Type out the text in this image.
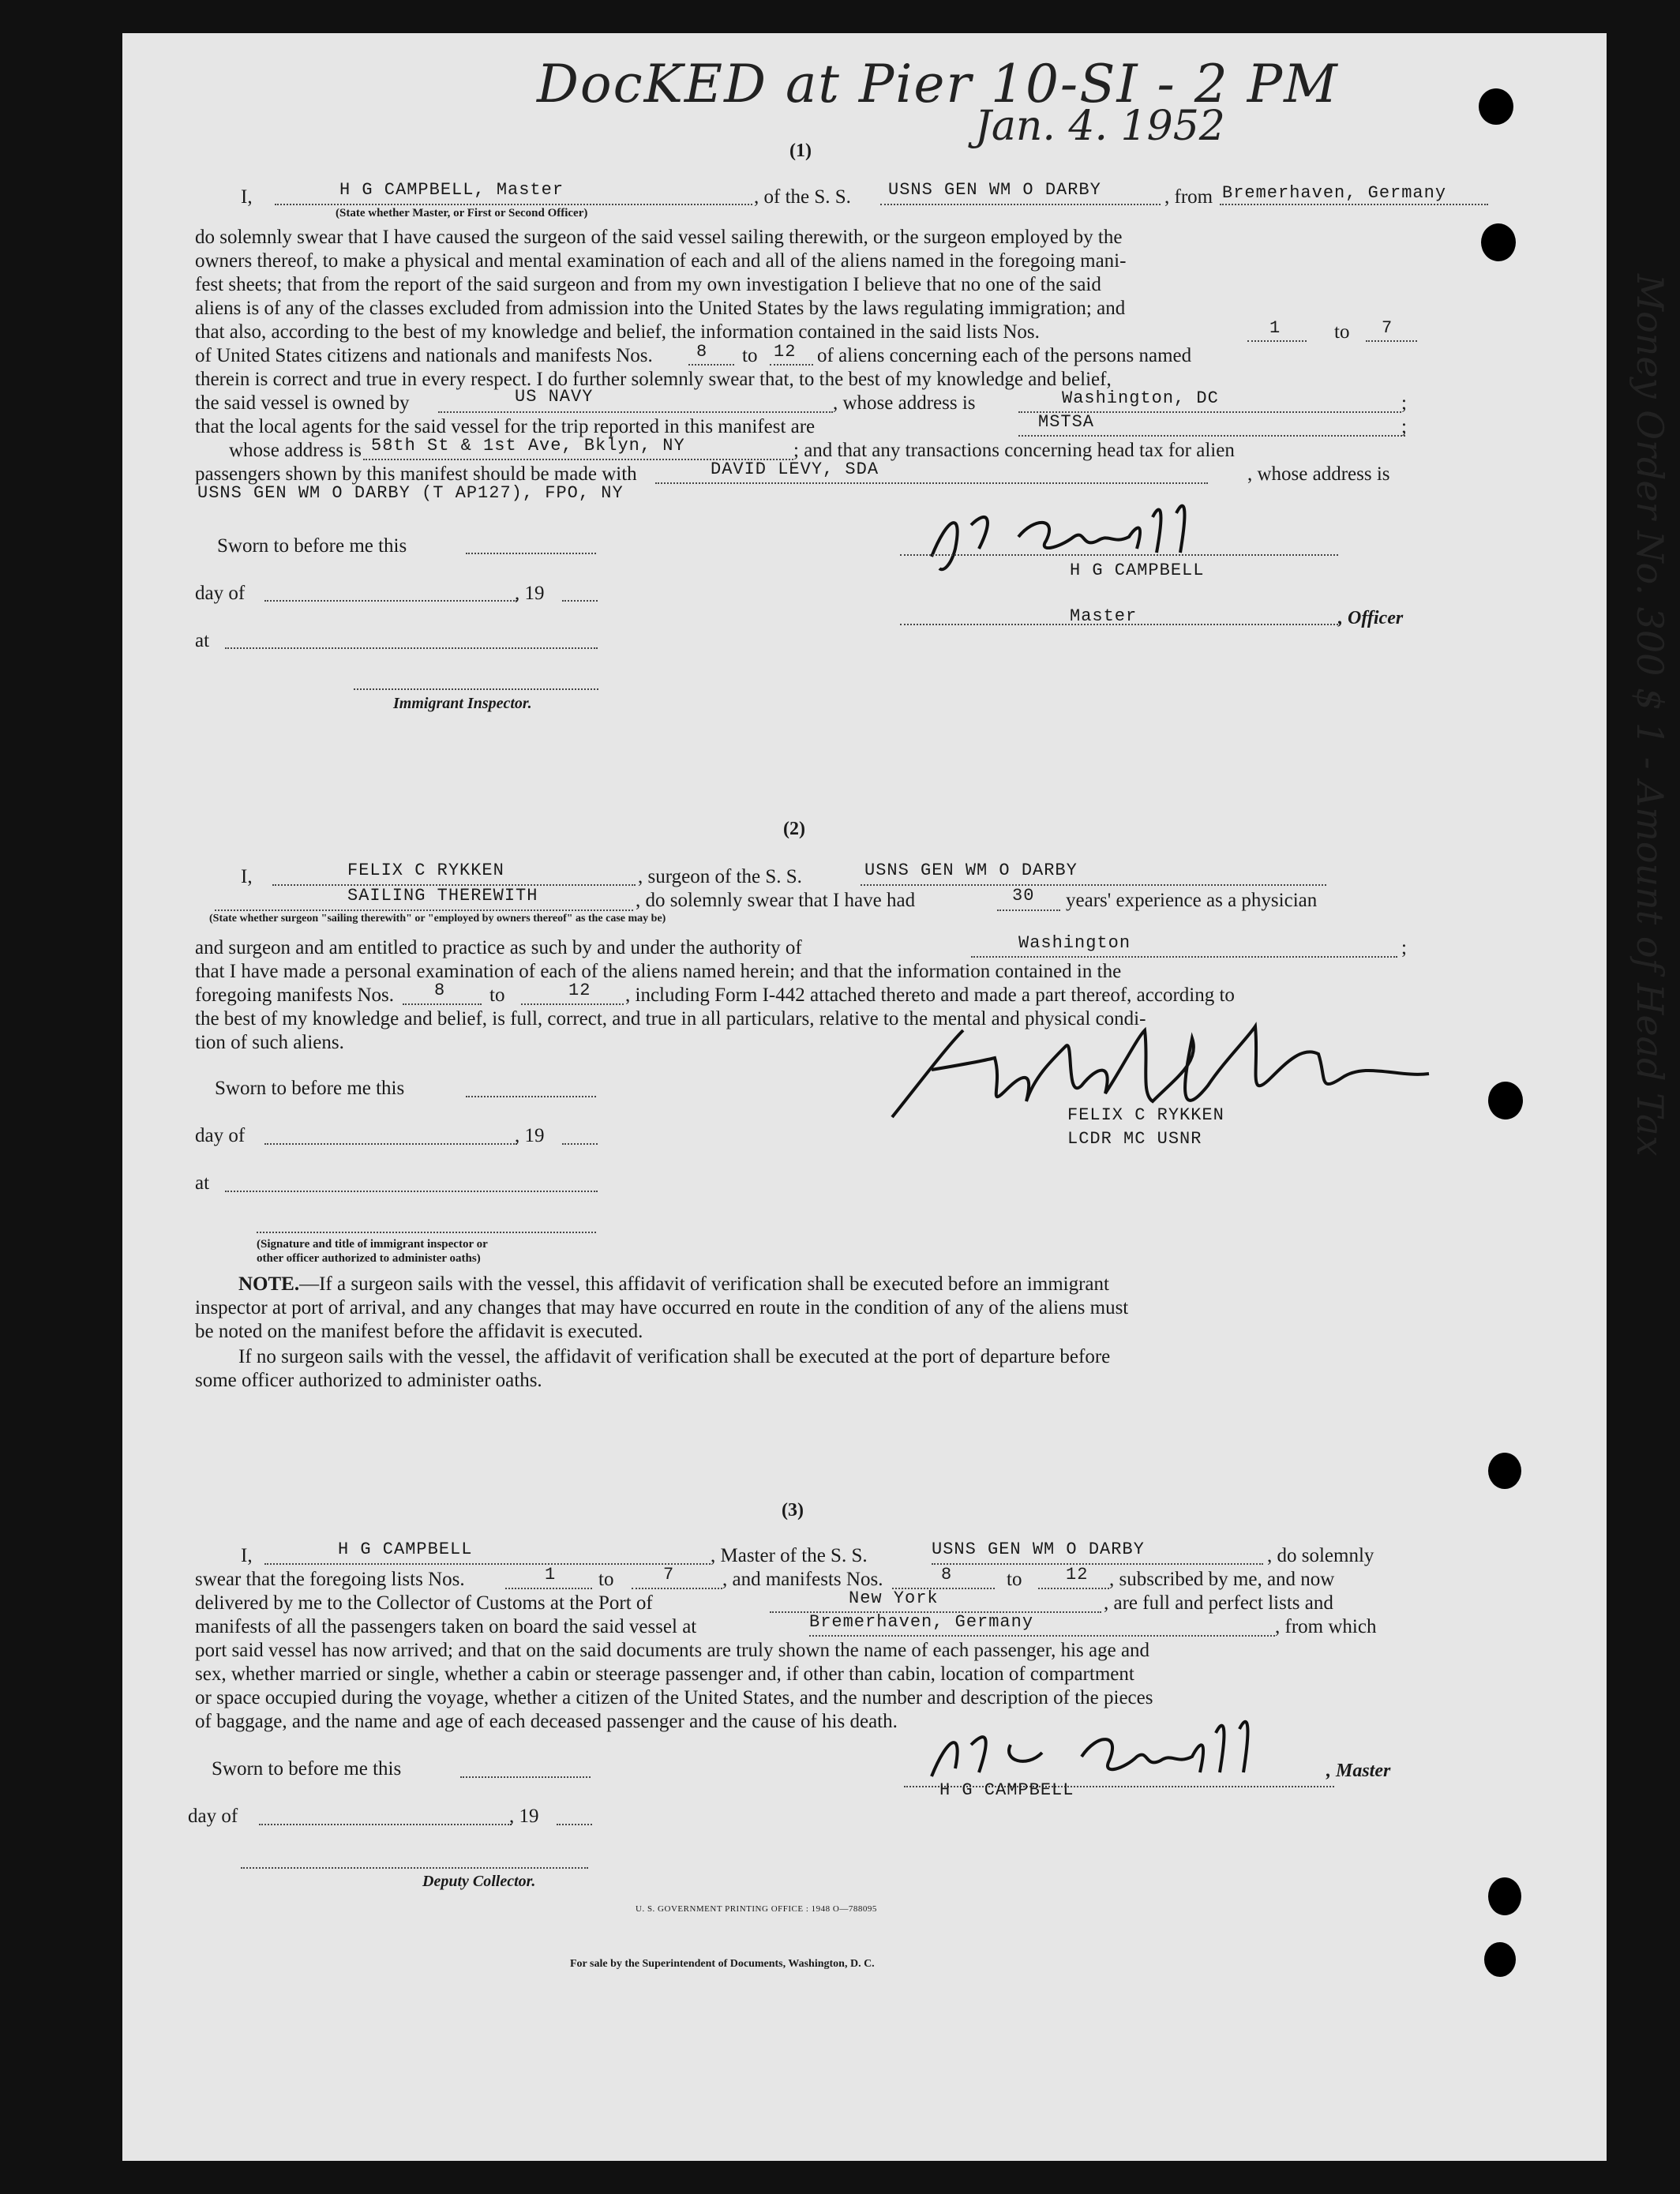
DocKED at Pier 10-SI - 2 PM
Jan. 4. 1952
Money Order No. 300 $ 1 - Amount of Head Tax
(1)
I,	H G CAMPBELL, Master
(State whether Master, or First or Second Officer)
, of the S. S. USNS GEN WM O DARBY	, from Bremerhaven, Germany
do solemnly swear that I have caused the surgeon of the said vessel sailing therewith, or the surgeon employed by the
owners thereof, to make a physical and mental examination of each and all of the aliens named in the foregoing mani-
fest sheets; that from the report of the said surgeon and from my own investigation I believe that no one of the said
aliens is of any of the classes excluded from admission into the United States by the laws regulating immigration; and
that also, according to the best of my knowledge and belief, the information contained in the said lists Nos.	1	to 7
of United States citizens and nationals and manifests Nos.	8 to 12 of aliens concerning each of the persons named
therein is correct and true in every respect. I do further solemnly swear that, to the best of my knowledge and belief,
the said vessel is owned by	US NAVY	, whose address is	Washington, DC	;
that the local agents for the said vessel for the trip reported in this manifest are	MSTSA	;
whose address is 58th St & 1st Ave, Bklyn, NY	; and that any transactions concerning head tax for alien
passengers shown by this manifest should be made with	DAVID LEVY, SDA	, whose address is
USNS GEN WM O DARBY (T AP127), FPO, NY
Sworn to before me this
day of	, 19
at
Immigrant Inspector.
H G CAMPBELL
Master	, Officer
(2)
I,	FELIX C RYKKEN	, surgeon of the S. S.	USNS GEN WM O DARBY
SAILING THEREWITH	, do solemnly swear that I have had	30 years' experience as a physician
(State whether surgeon "sailing therewith" or "employed by owners thereof" as the case may be)
and surgeon and am entitled to practice as such by and under the authority of	Washington	;
that I have made a personal examination of each of the aliens named herein; and that the information contained in the
foregoing manifests Nos. 8 to	12 , including Form I-442 attached thereto and made a part thereof, according to
the best of my knowledge and belief, is full, correct, and true in all particulars, relative to the mental and physical condi-
tion of such aliens.
Sworn to before me this
day of	, 19
at
(Signature and title of immigrant inspector or
other officer authorized to administer oaths)
FELIX C RYKKEN
LCDR MC USNR
NOTE.—If a surgeon sails with the vessel, this affidavit of verification shall be executed before an immigrant
inspector at port of arrival, and any changes that may have occurred en route in the condition of any of the aliens must
be noted on the manifest before the affidavit is executed.
If no surgeon sails with the vessel, the affidavit of verification shall be executed at the port of departure before
some officer authorized to administer oaths.
(3)
I,	H G CAMPBELL	, Master of the S. S.	USNS GEN WM O DARBY	, do solemnly
swear that the foregoing lists Nos.	1 to	7 , and manifests Nos.	8	to	12 , subscribed by me, and now
delivered by me to the Collector of Customs at the Port of	New York	, are full and perfect lists and
manifests of all the passengers taken on board the said vessel at	Bremerhaven, Germany	, from which
port said vessel has now arrived; and that on the said documents are truly shown the name of each passenger, his age and
sex, whether married or single, whether a cabin or steerage passenger and, if other than cabin, location of compartment
or space occupied during the voyage, whether a citizen of the United States, and the number and description of the pieces
of baggage, and the name and age of each deceased passenger and the cause of his death.
Sworn to before me this
day of	, 19
Deputy Collector.
H G CAMPBELL
, Master
U. S. GOVERNMENT PRINTING OFFICE : 1948 O—788095
For sale by the Superintendent of Documents, Washington, D. C.
